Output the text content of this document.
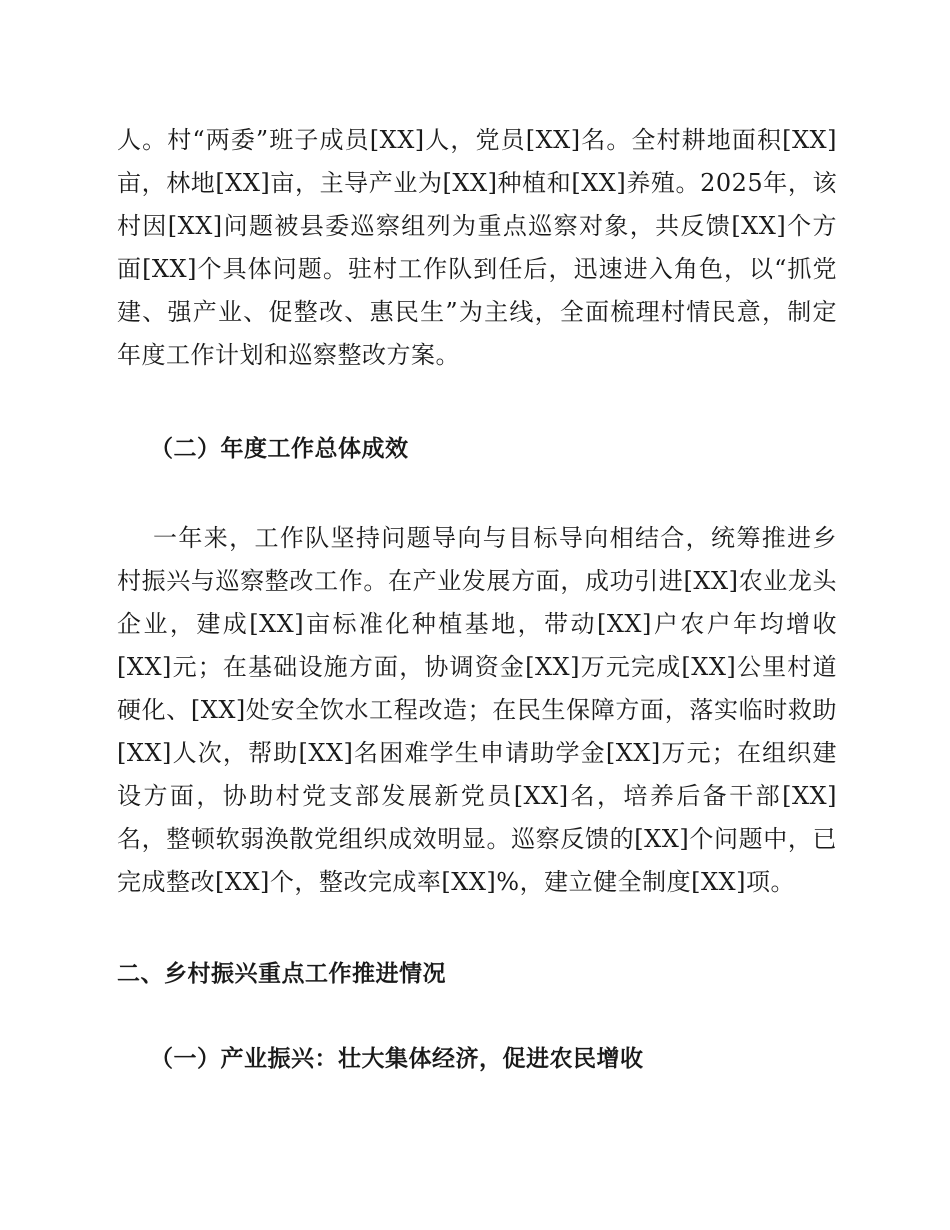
人。村“两委”班子成员[XX]人，党员[XX]名。全村耕地面积[XX]亩，林地[XX]亩，主导产业为[XX]种植和[XX]养殖。2025年，该村因[XX]问题被县委巡察组列为重点巡察对象，共反馈[XX]个方面[XX]个具体问题。驻村工作队到任后，迅速进入角色，以“抓党建、强产业、促整改、惠民生”为主线，全面梳理村情民意，制定年度工作计划和巡察整改方案。

（二）年度工作总体成效

一年来，工作队坚持问题导向与目标导向相结合，统筹推进乡村振兴与巡察整改工作。在产业发展方面，成功引进[XX]农业龙头企业，建成[XX]亩标准化种植基地，带动[XX]户农户年均增收[XX]元；在基础设施方面，协调资金[XX]万元完成[XX]公里村道硬化、[XX]处安全饮水工程改造；在民生保障方面，落实临时救助[XX]人次，帮助[XX]名困难学生申请助学金[XX]万元；在组织建设方面，协助村党支部发展新党员[XX]名，培养后备干部[XX]名，整顿软弱涣散党组织成效明显。巡察反馈的[XX]个问题中，已完成整改[XX]个，整改完成率[XX]%，建立健全制度[XX]项。

二、乡村振兴重点工作推进情况
（一）产业振兴：壮大集体经济，促进农民增收
